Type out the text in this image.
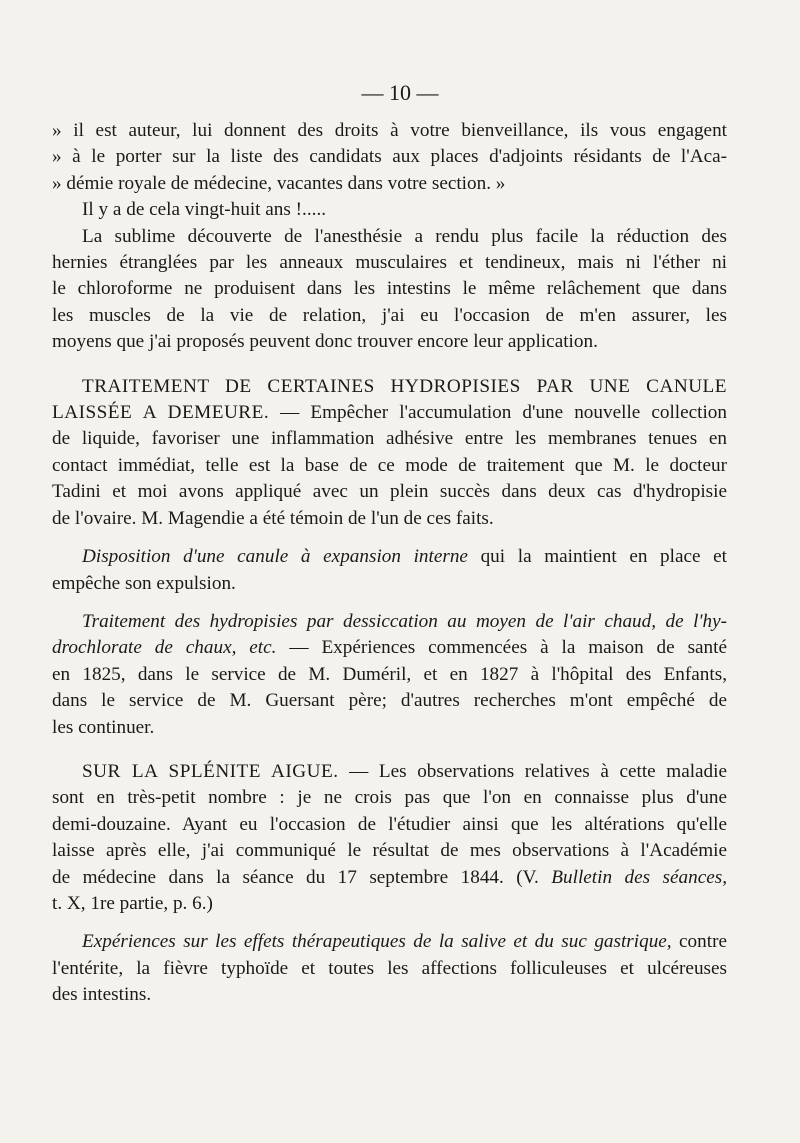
— 10 —
» il est auteur, lui donnent des droits à votre bienveillance, ils vous engagent
» à le porter sur la liste des candidats aux places d'adjoints résidants de l'Aca-
» démie royale de médecine, vacantes dans votre section. »
Il y a de cela vingt-huit ans !.....
La sublime découverte de l'anesthésie a rendu plus facile la réduction des
hernies étranglées par les anneaux musculaires et tendineux, mais ni l'éther ni
le chloroforme ne produisent dans les intestins le même relâchement que dans
les muscles de la vie de relation, j'ai eu l'occasion de m'en assurer, les
moyens que j'ai proposés peuvent donc trouver encore leur application.
TRAITEMENT DE CERTAINES HYDROPISIES PAR UNE CANULE
LAISSÉE A DEMEURE. — Empêcher l'accumulation d'une nouvelle collection
de liquide, favoriser une inflammation adhésive entre les membranes tenues en
contact immédiat, telle est la base de ce mode de traitement que M. le docteur
Tadini et moi avons appliqué avec un plein succès dans deux cas d'hydropisie
de l'ovaire. M. Magendie a été témoin de l'un de ces faits.
Disposition d'une canule à expansion interne qui la maintient en place et
empêche son expulsion.
Traitement des hydropisies par dessiccation au moyen de l'air chaud, de l'hy-
drochlorate de chaux, etc. — Expériences commencées à la maison de santé
en 1825, dans le service de M. Duméril, et en 1827 à l'hôpital des Enfants,
dans le service de M. Guersant père; d'autres recherches m'ont empêché de
les continuer.
SUR LA SPLÉNITE AIGUE. — Les observations relatives à cette maladie
sont en très-petit nombre : je ne crois pas que l'on en connaisse plus d'une
demi-douzaine. Ayant eu l'occasion de l'étudier ainsi que les altérations qu'elle
laisse après elle, j'ai communiqué le résultat de mes observations à l'Académie
de médecine dans la séance du 17 septembre 1844. (V. Bulletin des séances,
t. X, 1re partie, p. 6.)
Expériences sur les effets thérapeutiques de la salive et du suc gastrique, contre
l'entérite, la fièvre typhoïde et toutes les affections folliculeuses et ulcéreuses
des intestins.
